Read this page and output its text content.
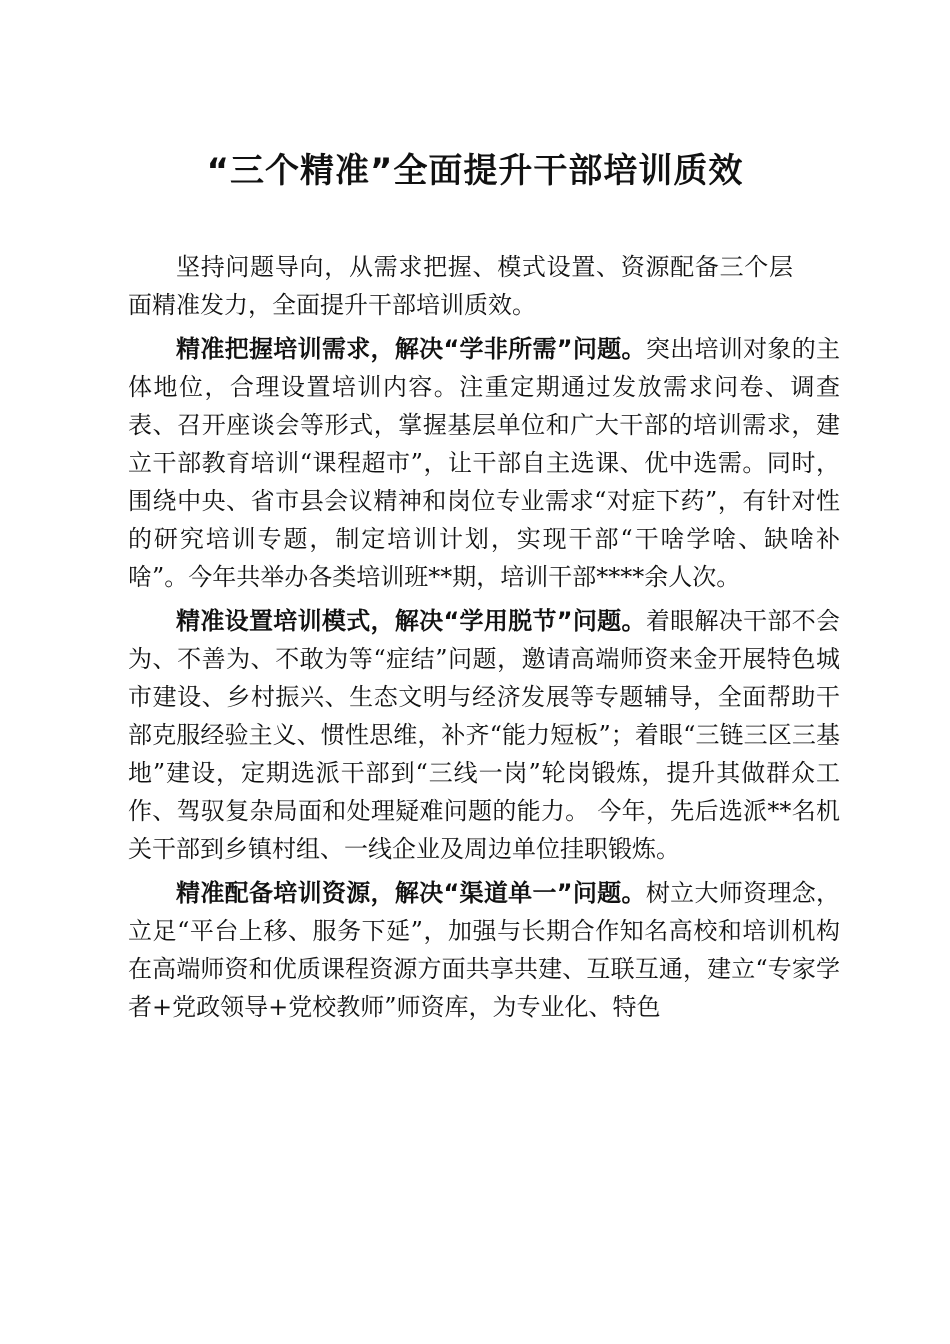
“三个精准”全面提升干部培训质效

坚持问题导向，从需求把握、模式设置、资源配备三个层面精准发力，全面提升干部培训质效。

精准把握培训需求，解决“学非所需”问题。突出培训对象的主体地位，合理设置培训内容。注重定期通过发放需求问卷、调查表、召开座谈会等形式，掌握基层单位和广大干部的培训需求，建立干部教育培训“课程超市”，让干部自主选课、优中选需。同时，围绕中央、省市县会议精神和岗位专业需求“对症下药”，有针对性的研究培训专题，制定培训计划，实现干部“干啥学啥、缺啥补啥”。今年共举办各类培训班**期，培训干部****余人次。

精准设置培训模式，解决“学用脱节”问题。着眼解决干部不会为、不善为、不敢为等“症结”问题，邀请高端师资来金开展特色城市建设、乡村振兴、生态文明与经济发展等专题辅导，全面帮助干部克服经验主义、惯性思维，补齐“能力短板”；着眼“三链三区三基地”建设，定期选派干部到“三线一岗”轮岗锻炼，提升其做群众工作、驾驭复杂局面和处理疑难问题的能力。 今年，先后选派**名机关干部到乡镇村组、一线企业及周边单位挂职锻炼。

精准配备培训资源，解决“渠道单一”问题。树立大师资理念，立足“平台上移、服务下延”，加强与长期合作知名高校和培训机构在高端师资和优质课程资源方面共享共建、互联互通，建立“专家学者+党政领导+党校教师”师资库，为专业化、特色
